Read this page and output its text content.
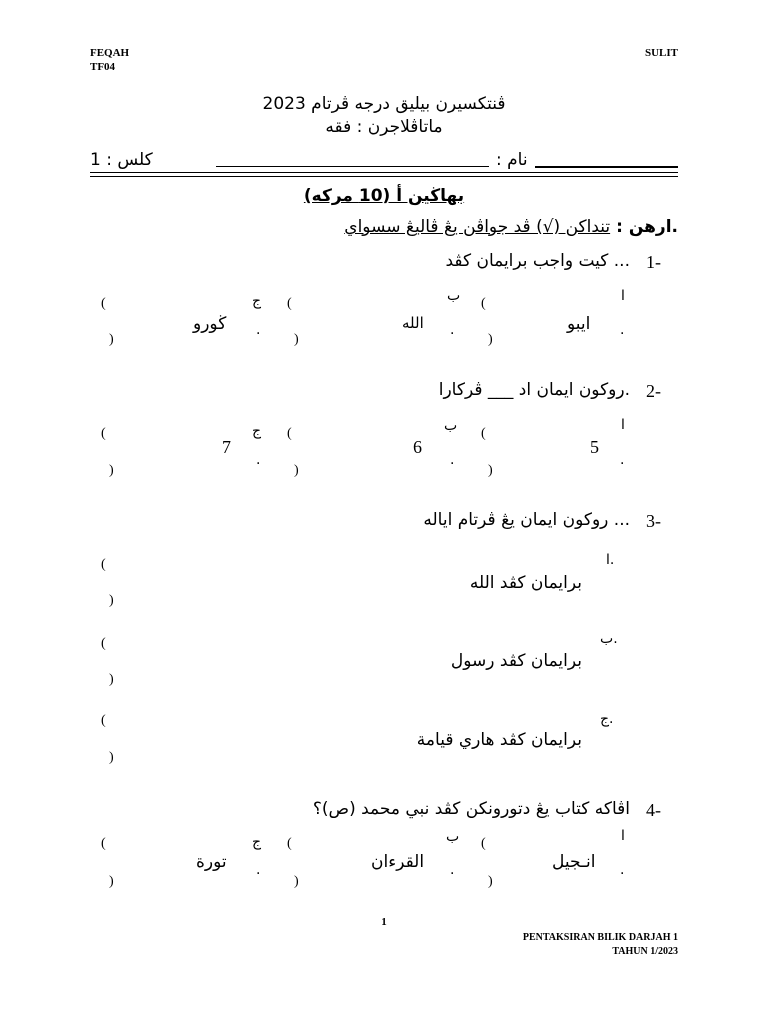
FEQAH
TF04
SULIT
ڤنتکسيرن بيليق درجه ڤرتام 2023
ماتاڤلاجرن : فقه
کلس : 1	نام :
بهاڬين أ (10 مرکه)
.ارهن :
تنداکن (√) ڤد جواڤن يڠ ڤاليڠ سسواي
1-
... کيت واجب برايمان کڤد
(
)
ڬورو
ج
.
(
)
الله
ب
.
(
)
ايبو
ا
.
2-
.روکون ايمان اد ___ ڤرکارا
(
)
7
ج
.
(
)
6
ب
.
(
)
5
ا
.
3-
... روکون ايمان يڠ ڤرتام اياله
(
)
ا.
برايمان کڤد الله
(
)
ب.
برايمان کڤد رسول
(
)
ج.
برايمان کڤد هاري قيامة
4-
اڤاکه کتاب يڠ دتورونکن کڤد نبي محمد (ص)؟
(
)
تورة
ج
.
(
)
القرءان
ب
.
(
)
انـجيل
ا
.
1
PENTAKSIRAN BILIK DARJAH 1
TAHUN 1/2023
